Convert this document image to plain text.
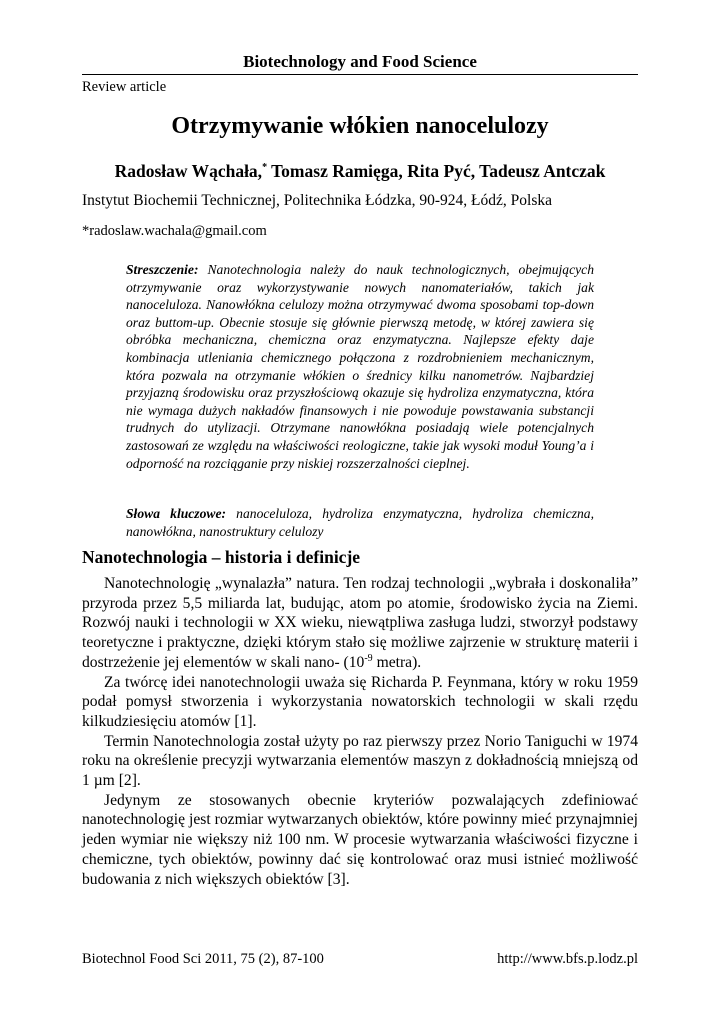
Biotechnology and Food Science
Review article
Otrzymywanie włókien nanocelulozy
Radosław Wąchała,* Tomasz Ramięga, Rita Pyć, Tadeusz Antczak
Instytut Biochemii Technicznej, Politechnika Łódzka, 90-924, Łódź, Polska
*radoslaw.wachala@gmail.com
Streszczenie: Nanotechnologia należy do nauk technologicznych, obejmujących otrzymywanie oraz wykorzystywanie nowych nanomateriałów, takich jak nanoceluloza. Nanowłókna celulozy można otrzymywać dwoma sposobami top-down oraz buttom-up. Obecnie stosuje się głównie pierwszą metodę, w której zawiera się obróbka mechaniczna, chemiczna oraz enzymatyczna. Najlepsze efekty daje kombinacja utleniania chemicznego połączona z rozdrobnieniem mechanicznym, która pozwala na otrzymanie włókien o średnicy kilku nanometrów. Najbardziej przyjazną środowisku oraz przyszłościową okazuje się hydroliza enzymatyczna, która nie wymaga dużych nakładów finansowych i nie powoduje powstawania substancji trudnych do utylizacji. Otrzymane nanowłókna posiadają wiele potencjalnych zastosowań ze względu na właściwości reologiczne, takie jak wysoki moduł Young’a i odporność na rozciąganie przy niskiej rozszerzalności cieplnej.
Słowa kluczowe: nanoceluloza, hydroliza enzymatyczna, hydroliza chemiczna, nanowłókna, nanostruktury celulozy
Nanotechnologia – historia i definicje

Nanotechnologię „wynalazła” natura. Ten rodzaj technologii „wybrała i doskonaliła” przyroda przez 5,5 miliarda lat, budując, atom po atomie, środowisko życia na Ziemi. Rozwój nauki i technologii w XX wieku, niewątpliwa zasługa ludzi, stworzył podstawy teoretyczne i praktyczne, dzięki którym stało się możliwe zajrzenie w strukturę materii i dostrzeżenie jej elementów w skali nano- ($10^{-9}$ metra).

Za twórcę idei nanotechnologii uważa się Richarda P. Feynmana, który w roku 1959 podał pomysł stworzenia i wykorzystania nowatorskich technologii w skali rzędu kilkudziesięciu atomów [1].

Termin Nanotechnologia został użyty po raz pierwszy przez Norio Taniguchi w 1974 roku na określenie precyzji wytwarzania elementów maszyn z dokładnością mniejszą od 1 µm [2].

Jedynym ze stosowanych obecnie kryteriów pozwalających zdefiniować nanotechnologię jest rozmiar wytwarzanych obiektów, które powinny mieć przynajmniej jeden wymiar nie większy niż 100 nm. W procesie wytwarzania właściwości fizyczne i chemiczne, tych obiektów, powinny dać się kontrolować oraz musi istnieć możliwość budowania z nich większych obiektów [3].

Biotechnol Food Sci 2011, 75 (2), 87-100	http://www.bfs.p.lodz.pl
